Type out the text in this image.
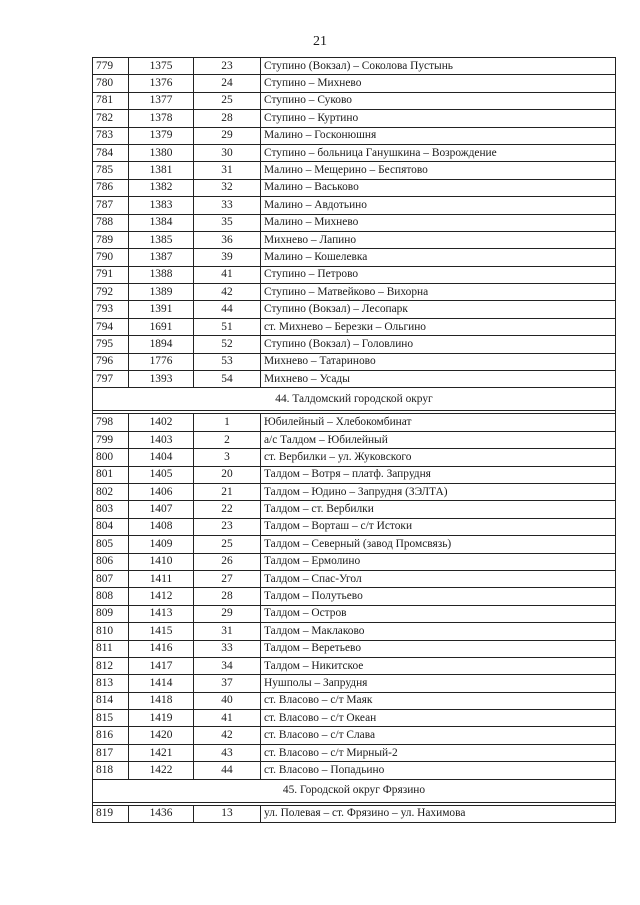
21
779	1375	23	Ступино (Вокзал) – Соколова Пустынь
780	1376	24	Ступино – Михнево
781	1377	25	Ступино – Суково
782	1378	28	Ступино – Куртино
783	1379	29	Малино – Госконюшня
784	1380	30	Ступино – больница Ганушкина – Возрождение
785	1381	31	Малино – Мещерино – Беспятово
786	1382	32	Малино – Васьково
787	1383	33	Малино – Авдотьино
788	1384	35	Малино – Михнево
789	1385	36	Михнево – Лапино
790	1387	39	Малино – Кошелевка
791	1388	41	Ступино – Петрово
792	1389	42	Ступино – Матвейково – Вихорна
793	1391	44	Ступино (Вокзал) – Лесопарк
794	1691	51	ст. Михнево – Березки – Ольгино
795	1894	52	Ступино (Вокзал) – Головлино
796	1776	53	Михнево – Татариново
797	1393	54	Михнево – Усады
44. Талдомский городской округ			

798	1402	1	Юбилейный – Хлебокомбинат
799	1403	2	а/с Талдом – Юбилейный
800	1404	3	ст. Вербилки – ул. Жуковского
801	1405	20	Талдом – Вотря – платф. Запрудня
802	1406	21	Талдом – Юдино – Запрудня (ЗЭЛТА)
803	1407	22	Талдом – ст. Вербилки
804	1408	23	Талдом – Ворташ – с/т Истоки
805	1409	25	Талдом – Северный (завод Промсвязь)
806	1410	26	Талдом – Ермолино
807	1411	27	Талдом – Спас-Угол
808	1412	28	Талдом – Полутьево
809	1413	29	Талдом – Остров
810	1415	31	Талдом – Маклаково
811	1416	33	Талдом – Веретьево
812	1417	34	Талдом – Никитское
813	1414	37	Нушполы – Запрудня
814	1418	40	ст. Власово – с/т Маяк
815	1419	41	ст. Власово – с/т Океан
816	1420	42	ст. Власово – с/т Слава
817	1421	43	ст. Власово – с/т Мирный-2
818	1422	44	ст. Власово – Попадьино
45. Городской округ Фрязино			

819	1436	13	ул. Полевая – ст. Фрязино – ул. Нахимова
